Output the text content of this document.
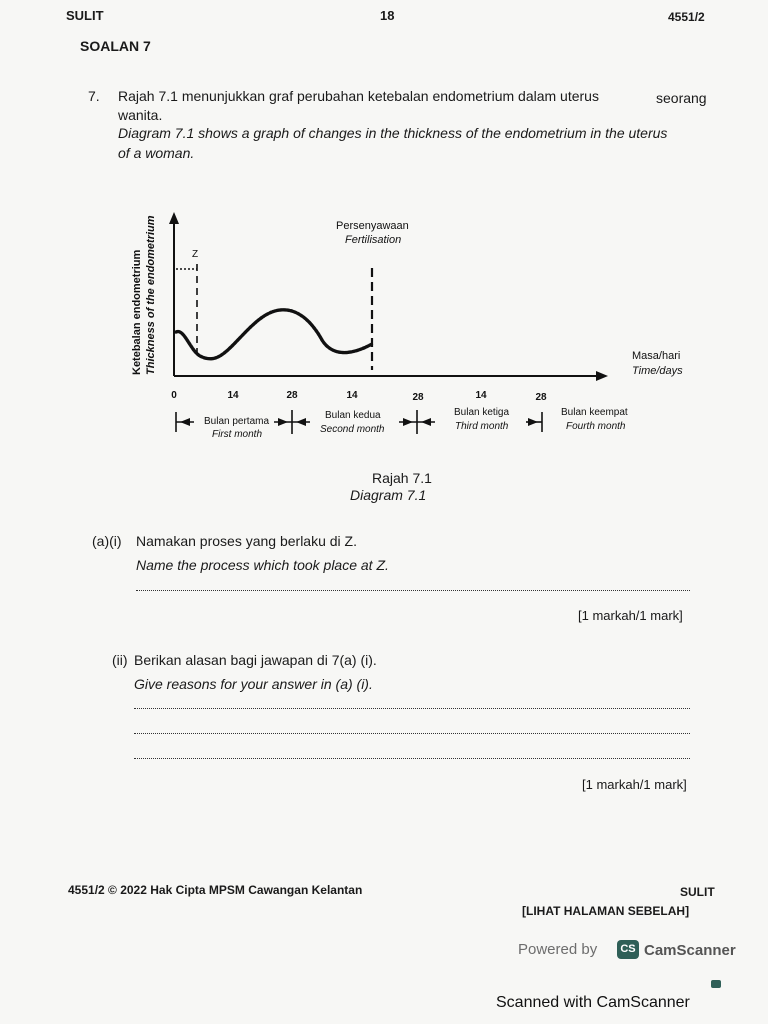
SULIT	18	4551/2
SOALAN 7
7. Rajah 7.1 menunjukkan graf perubahan ketebalan endometrium dalam uterus	seorang
wanita.
Diagram 7.1 shows a graph of changes in the thickness of the endometrium in the uterus
of a woman.
Ketebalan endometrium Thickness of the endometrium	Z
Persenyawaan
Fertilisation
0	14	28	14	28	14	28
Bulan pertama
First month
Bulan kedua
Second month
Bulan ketiga
Third month
Bulan keempat
Fourth month
Masa/hari
Time/days
Rajah 7.1
Diagram 7.1
(a)(i) Namakan proses yang berlaku di Z.
Name the process which took place at Z.
[1 markah/1 mark]
(ii) Berikan alasan bagi jawapan di 7(a) (i).
Give reasons for your answer in (a) (i).
[1 markah/1 mark]
4551/2 © 2022 Hak Cipta MPSM Cawangan Kelantan	SULIT
[LIHAT HALAMAN SEBELAH]
Powered by	CS CamScanner
Scanned with CamScanner
